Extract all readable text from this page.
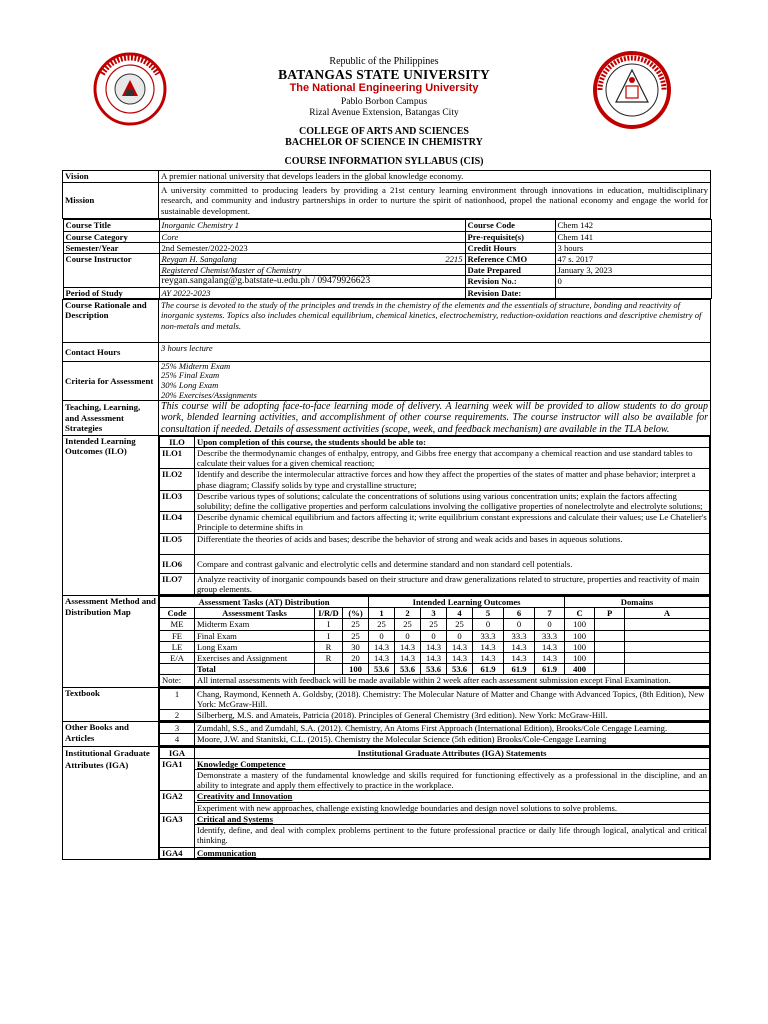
Republic of the Philippines
BATANGAS STATE UNIVERSITY
The National Engineering University
Pablo Borbon Campus
Rizal Avenue Extension, Batangas City
COLLEGE OF ARTS AND SCIENCES
BACHELOR OF SCIENCE IN CHEMISTRY
COURSE INFORMATION SYLLABUS (CIS)
Vision	A premier national university that develops leaders in the global knowledge economy.
Mission	A university committed to producing leaders by providing a 21st century learning environment through innovations in education, multidisciplinary research, and community and industry partnerships in order to nurture the spirit of nationhood, propel the national economy and engage the world for sustainable development.

Course Title	Inorganic Chemistry 1	Course Code	Chem 142
Course Category	Core	Pre-requisite(s)	Chem 141
Semester/Year	2nd Semester/2022-2023	Credit Hours	3 hours
Course Instructor	Reygan H. Sangalang	2215	Reference CMO	47 s. 2017
Registered Chemist/Master of Chemistry	Date Prepared	January 3, 2023
reygan.sangalang@g.batstate-u.edu.ph / 09479926623	Revision No.:	0
Period of Study	AY 2022-2023	Revision Date:	

Course Rationale and Description	The course is devoted to the study of the principles and trends in the chemistry of the elements and the essentials of structure, bonding and reactivity of inorganic systems. Topics also includes chemical equilibrium, chemical kinetics, electrochemistry, reduction-oxidation reactions and descriptive chemistry of non-metals and metals.
Contact Hours	3 hours lecture
Criteria for Assessment	
25% Midterm Exam
25% Final Exam
30% Long Exam
20% Exercises/Assignments

Teaching, Learning, and Assessment Strategies	This course will be adopting face-to-face learning mode of delivery. A learning week will be provided to allow students to do group work, blended learning activities, and accomplishment of other course requirements. The course instructor will also be available for consultation if needed. Details of assessment activities (scope, week, and feedback mechanism) are available in the TLA below.
Intended Learning Outcomes (ILO)	
ILO	Upon completion of this course, the students should be able to:
ILO1	Describe the thermodynamic changes of enthalpy, entropy, and Gibbs free energy that accompany a chemical reaction and use standard tables to calculate their values for a given chemical reaction;
ILO2	Identify and describe the intermolecular attractive forces and how they affect the properties of the states of matter and phase behavior; interpret a phase diagram; Classify solids by type and crystalline structure;
ILO3	Describe various types of solutions; calculate the concentrations of solutions using various concentration units; explain the factors affecting solubility; define the colligative properties and perform calculations involving the colligative properties of nonelectrolyte and electrolyte solutions;
ILO4	Describe dynamic chemical equilibrium and factors affecting it; write equilibrium constant expressions and calculate their values; use Le Chatelier's Principle to determine shifts in
ILO5	Differentiate the theories of acids and bases; describe the behavior of strong and weak acids and bases in aqueous solutions.
ILO6	Compare and contrast galvanic and electrolytic cells and determine standard and non standard cell potentials.
ILO7	Analyze reactivity of inorganic compounds based on their structure and draw generalizations related to structure, properties and reactivity of main group elements.

Assessment Method and Distribution Map	
Assessment Tasks (AT) Distribution	Intended Learning Outcomes	Domains
Code	Assessment Tasks	I/R/D	(%)	1	2	3	4	5	6	7	C	P	A
ME	Midterm Exam	I	25	25	25	25	25	0	0	0	100		
FE	Final Exam	I	25	0	0	0	0	33.3	33.3	33.3	100		
LE	Long Exam	R	30	14.3	14.3	14.3	14.3	14.3	14.3	14.3	100		
E/A	Exercises and Assignment	R	20	14.3	14.3	14.3	14.3	14.3	14.3	14.3	100		
	Total		100	53.6	53.6	53.6	53.6	61.9	61.9	61.9	400		
Note:	All internal assessments with feedback will be made available within 2 week after each assessment submission except Final Examination.

Textbook		1	Chang, Raymond, Kenneth A. Goldsby, (2018). Chemistry: The Molecular Nature of Matter and Change with Advanced Topics, (8th Edition), New York: McGraw-Hill.
2	Silberberg, M.S. and Amateis, Patricia (2018). Principles of General Chemistry (3rd edition). New York: McGraw-Hill.

Other Books and Articles	
3	Zumdahl, S.S., and Zumdahl, S.A. (2012). Chemistry, An Atoms First Approach (International Edition), Brooks/Cole Cengage Learning.
4	Moore, J.W. and Stanitski, C.L. (2015). Chemistry the Molecular Science (5th edition) Brooks/Cole-Cengage Learning

Institutional Graduate Attributes (IGA)	
IGA	Institutional Graduate Attributes (IGA) Statements
IGA1	Knowledge Competence
Demonstrate a mastery of the fundamental knowledge and skills required for functioning effectively as a professional in the discipline, and an ability to integrate and apply them effectively to practice in the workplace.
IGA2	Creativity and Innovation
Experiment with new approaches, challenge existing knowledge boundaries and design novel solutions to solve problems.
IGA3	Critical and Systems
Identify, define, and deal with complex problems pertinent to the future professional practice or daily life through logical, analytical and critical thinking.
IGA4	Communication
